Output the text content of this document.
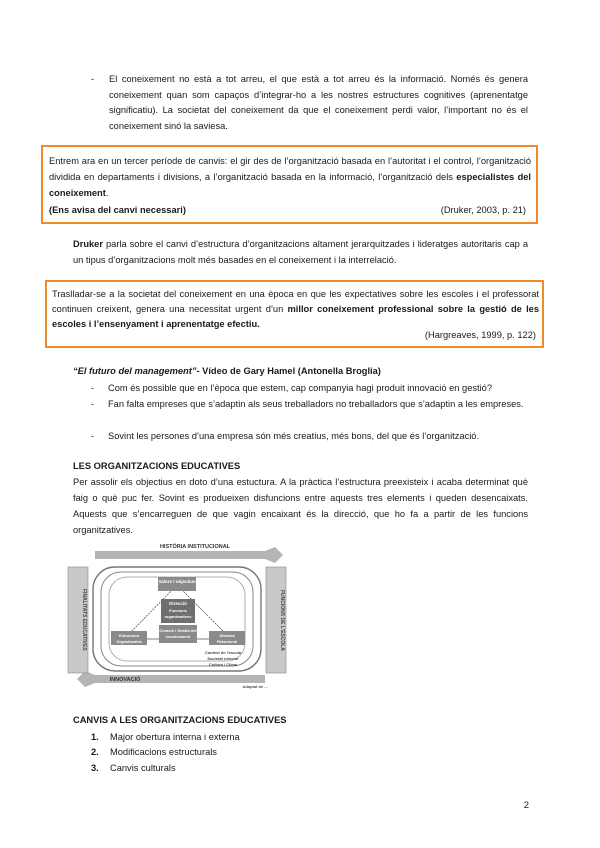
- El coneixement no està a tot arreu, el que està a tot arreu és la informació. Només és genera coneixement quan som capaços d’integrar-ho a les nostres estructures cognitives (aprenentatge significatiu). La societat del coneixement da que el coneixement perdi valor, l’important no és el coneixement sinó la saviesa.
Entrem ara en un tercer període de canvis: el gir des de l’organització basada en l’autoritat i el control, l’organització dividida en departaments i divisions, a l’organització basada en la informació, l’organització dels especialistes del coneixement.
(Ens avisa del canvi necessari)	(Druker, 2003, p. 21)
Druker parla sobre el canvi d’estructura d’organitzacions altament jerarquitzades i lideratges autoritaris cap a un tipus d’organitzacions molt més basades en el coneixement i la interrelació.
Traslladar-se a la societat del coneixement en una època en que les expectatives sobre les escoles i el professorat continuen creixent, genera una necessitat urgent d’un millor coneixement professional sobre la gestió de les escoles i l’ensenyament i aprenentatge efectiu.
(Hargreaves, 1999, p. 122)
“El futuro del management”- Vídeo de Gary Hamel (Antonella Broglia)
- Com és possible que en l’època que estem, cap companyia hagi produit innovació en gestió?
- Fan falta empreses que s’adaptin als seus treballadors no treballadors que s’adaptin a les empreses.
- Sovint les persones d’una empresa són més creatius, més bons, del que és l’organització.
LES ORGANITZACIONS EDUCATIVES
Per assolir els objectius en doto d’una estuctura. A la pràctica l’estructura preexisteix i acaba determinat què faig o què puc fer. Sovint es produeixen disfuncions entre aquests tres elements i queden desencaixats. Aquests que s’encarreguen de que vagin encaixant és la direcció, que ho fa a partir de les funcions organitzatives.
HISTÒRIA INSTITUCIONAL
INNOVACIÓ
FINALITATS EDUCATIVES	FUNCIONS DE L'ESCOLA
Valors / objectius
Direcció
Funcions organitzatives
Creació / Gestió del coneixement
Estructura Organitzativa
Sistema Relacional
Context de l'escola
Societat exterior
Cultura / Clima
Adaptat de ...
CANVIS A LES ORGANITZACIONS EDUCATIVES
1. Major obertura interna i externa
2. Modificacions estructurals
3. Canvis culturals
2
